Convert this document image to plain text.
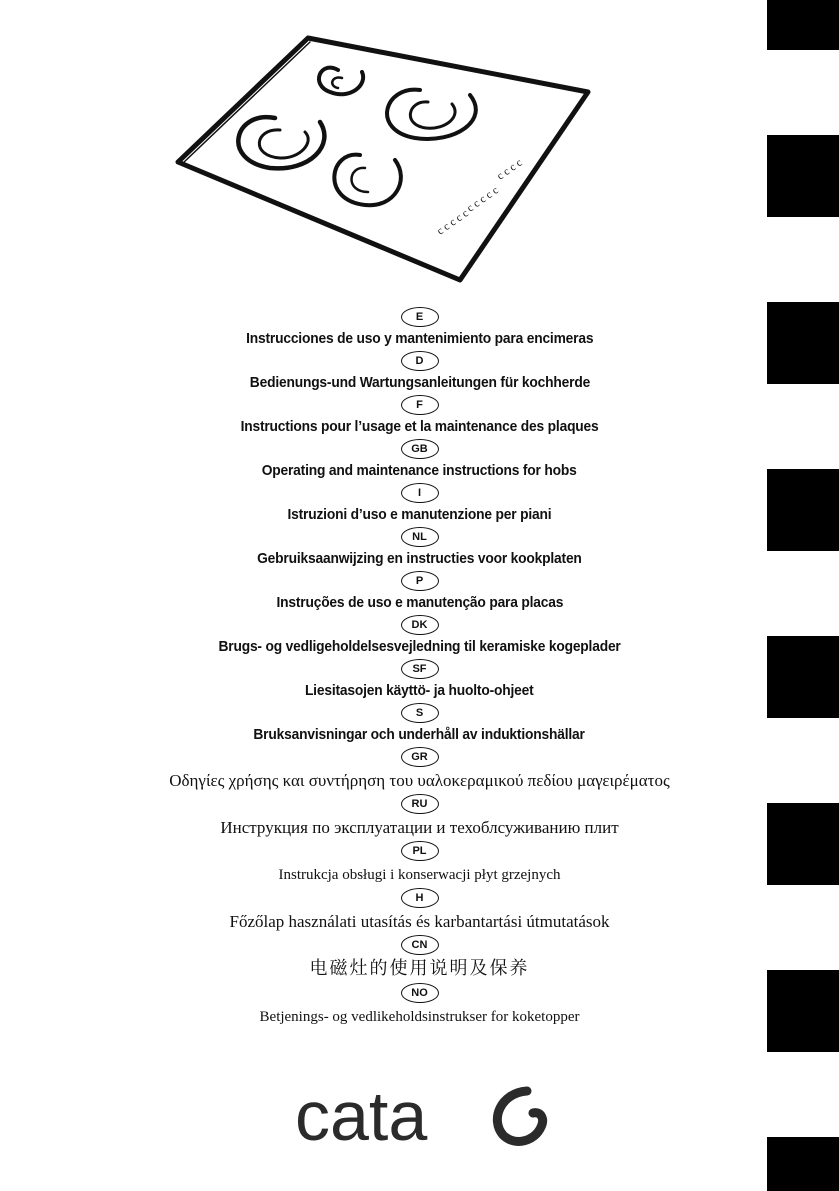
c c c c c
c c c c c
c c c c
E
Instrucciones de uso y mantenimiento para encimeras
D
Bedienungs-und Wartungsanleitungen für kochherde
F
Instructions pour l’usage et la maintenance des plaques
GB
Operating and maintenance instructions for hobs
I
Istruzioni d’uso e manutenzione per piani
NL
Gebruiksaanwijzing en instructies voor kookplaten
P
Instruções de uso e manutenção para placas
DK
Brugs- og vedligeholdelsesvejledning til keramiske kogeplader
SF
Liesitasojen käyttö- ja huolto-ohjeet
S
Bruksanvisningar och underhåll av induktionshällar
GR
Οδηγίες χρήσης και συντήρηση του υαλοκεραμικού πεδίου μαγειρέματος
RU
Инструкция по эксплуатации и техоблсуживанию плит
PL
Instrukcja obsługi i konserwacji płyt grzejnych
H
Főzőlap használati utasítás és karbantartási útmutatások
CN
电磁灶的使用说明及保养
NO
Betjenings- og vedlikeholdsinstrukser for koketopper
cata
